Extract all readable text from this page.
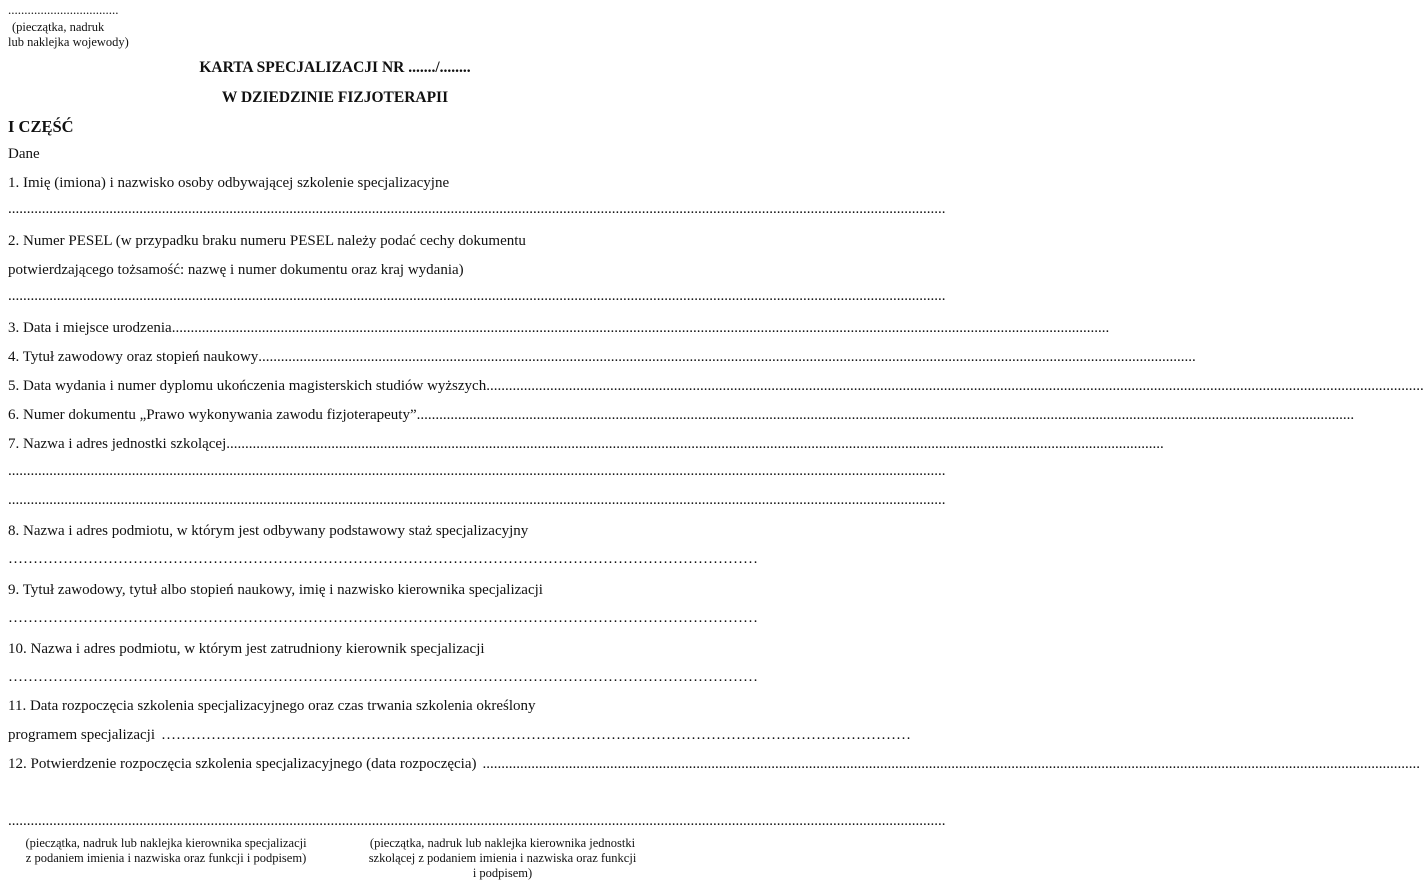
..................................
(pieczątka, nadruk
lub naklejka wojewody)
KARTA SPECJALIZACJI NR ......./........
W DZIEDZINIE FIZJOTERAPII
I CZĘŚĆ
Dane
1. Imię (imiona) i nazwisko osoby odbywającej szkolenie specjalizacyjne
..........................................................................................................................................................................................................................................................
2. Numer PESEL (w przypadku braku numeru PESEL należy podać cechy dokumentu
potwierdzającego tożsamość: nazwę i numer dokumentu oraz kraj wydania)
..........................................................................................................................................................................................................................................................
3. Data i miejsce urodzenia ..........................................................................................................................................................................................................................................................
4. Tytuł zawodowy oraz stopień naukowy ..........................................................................................................................................................................................................................................................
5. Data wydania i numer dyplomu ukończenia magisterskich studiów wyższych ..........................................................................................................................................................................................................................................................
6. Numer dokumentu „Prawo wykonywania zawodu fizjoterapeuty” ..........................................................................................................................................................................................................................................................
7. Nazwa i adres jednostki szkolącej ..........................................................................................................................................................................................................................................................
..........................................................................................................................................................................................................................................................
..........................................................................................................................................................................................................................................................
8. Nazwa i adres podmiotu, w którym jest odbywany podstawowy staż specjalizacyjny
……………………………………………………………………………………………………………………………………
9. Tytuł zawodowy, tytuł albo stopień naukowy, imię i nazwisko kierownika specjalizacji
……………………………………………………………………………………………………………………………………
10. Nazwa i adres podmiotu, w którym jest zatrudniony kierownik specjalizacji
……………………………………………………………………………………………………………………………………
11. Data rozpoczęcia szkolenia specjalizacyjnego oraz czas trwania szkolenia określony
programem specjalizacji ……………………………………………………………………………………………………………………………………
12. Potwierdzenie rozpoczęcia szkolenia specjalizacyjnego (data rozpoczęcia) ..........................................................................................................................................................................................................................................................
..........................................................................................................................................................................................................................................................
(pieczątka, nadruk lub naklejka kierownika specjalizacji
z podaniem imienia i nazwiska oraz funkcji i podpisem)
(pieczątka, nadruk lub naklejka kierownika jednostki
szkolącej z podaniem imienia i nazwiska oraz funkcji
i podpisem)
